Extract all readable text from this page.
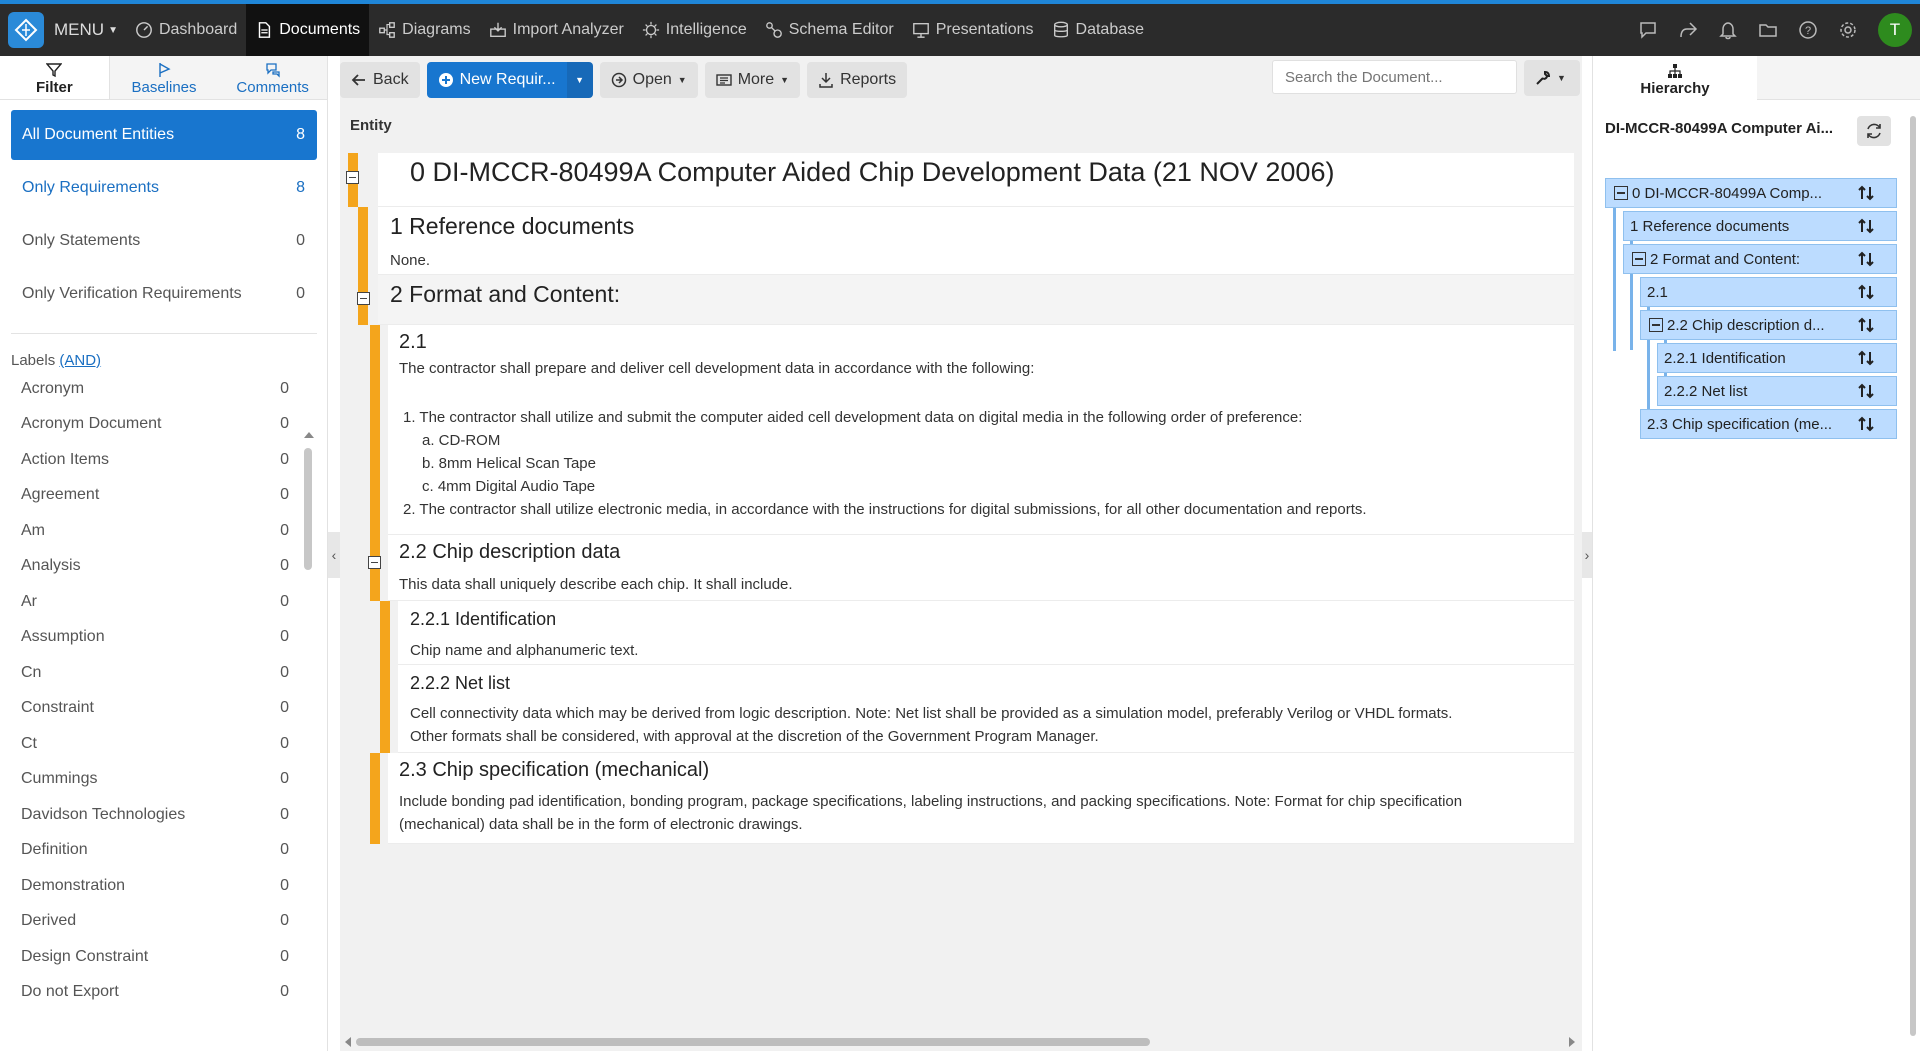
MENU ▼	Dashboard	Documents	Diagrams	Import Analyzer	Intelligence	Schema Editor	Presentations	Database	?	T
Filter	Baselines	Comments
All Document Entities	8
Only Requirements	8
Only Statements	0
Only Verification Requirements	0
Labels (AND)
Acronym	0
Acronym Document	0
Action Items	0
Agreement	0
Am	0
Analysis	0
Ar	0
Assumption	0
Cn	0
Constraint	0
Ct	0
Cummings	0
Davidson Technologies	0
Definition	0
Demonstration	0
Derived	0
Design Constraint	0
Do not Export	0
‹
Back	New Requir... ▼	Open ▼	More ▼	Reports
Search the Document...	▼
Entity
0 DI-MCCR-80499A Computer Aided Chip Development Data (21 NOV 2006)
1 Reference documents
None.
2 Format and Content:
2.1
The contractor shall prepare and deliver cell development data in accordance with the following:
1. The contractor shall utilize and submit the computer aided cell development data on digital media in the following order of preference:
a. CD-ROM
b. 8mm Helical Scan Tape
c. 4mm Digital Audio Tape
2. The contractor shall utilize electronic media, in accordance with the instructions for digital submissions, for all other documentation and reports.
2.2 Chip description data
This data shall uniquely describe each chip. It shall include.
2.2.1 Identification
Chip name and alphanumeric text.
2.2.2 Net list
Cell connectivity data which may be derived from logic description. Note: Net list shall be provided as a simulation model, preferably Verilog or VHDL formats.
Other formats shall be considered, with approval at the discretion of the Government Program Manager.
2.3 Chip specification (mechanical)
Include bonding pad identification, bonding program, package specifications, labeling instructions, and packing specifications. Note: Format for chip specification
(mechanical) data shall be in the form of electronic drawings.
›
Hierarchy
DI-MCCR-80499A Computer Ai...
0 DI-MCCR-80499A Comp...
1 Reference documents
2 Format and Content:
2.1
2.2 Chip description d...
2.2.1 Identification
2.2.2 Net list
2.3 Chip specification (me...
